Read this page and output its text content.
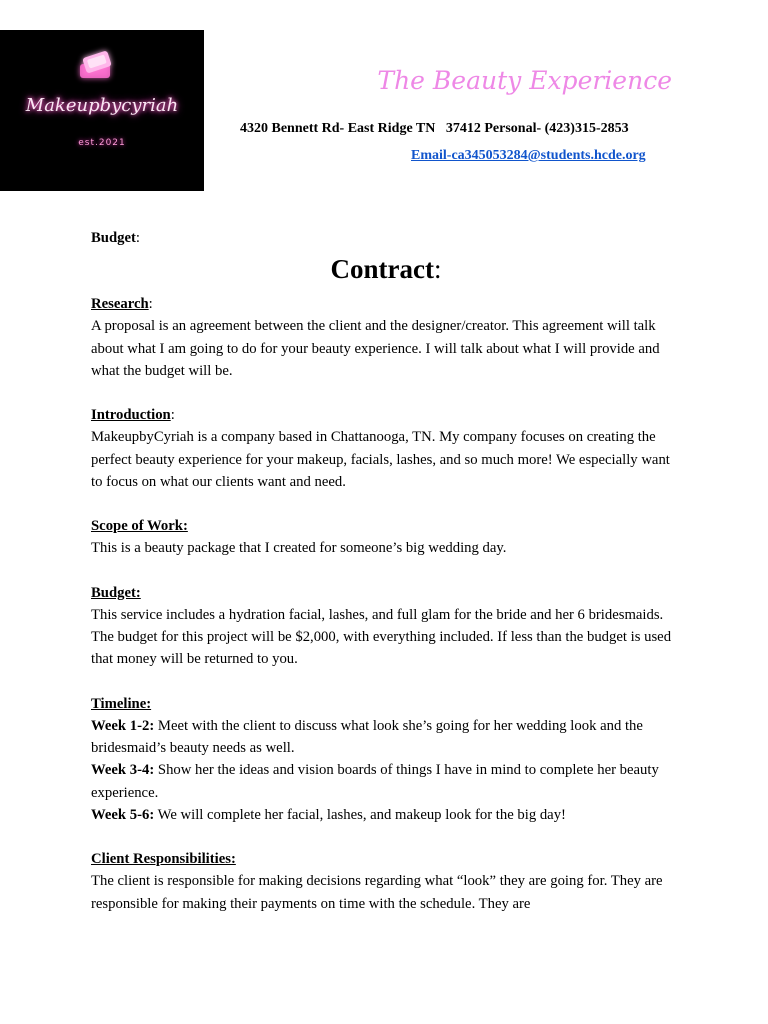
Makeupbycyriah
est.2021
The Beauty Experience
4320 Bennett Rd- East Ridge TN   37412 Personal- (423)315-2853
Email-ca345053284@students.hcde.org

Budget:

Contract:

Research:

A proposal is an agreement between the client and the designer/creator. This agreement will talk about what I am going to do for your beauty experience. I will talk about what I will provide and what the budget will be.

Introduction:

MakeupbyCyriah is a company based in Chattanooga, TN. My company focuses on creating the perfect beauty experience for your makeup, facials, lashes, and so much more! We especially want to focus on what our clients want and need.

Scope of Work:

This is a beauty package that I created for someone’s big wedding day.

Budget:

This service includes a hydration facial, lashes, and full glam for the bride and her 6 bridesmaids. The budget for this project will be $2,000, with everything included. If less than the budget is used that money will be returned to you.

Timeline:

Week 1-2: Meet with the client to discuss what look she’s going for her wedding look and the bridesmaid’s beauty needs as well.

Week 3-4: Show her the ideas and vision boards of things I have in mind to complete her beauty experience.

Week 5-6: We will complete her facial, lashes, and makeup look for the big day!

Client Responsibilities:

The client is responsible for making decisions regarding what “look” they are going for. They are responsible for making their payments on time with the schedule. They are
